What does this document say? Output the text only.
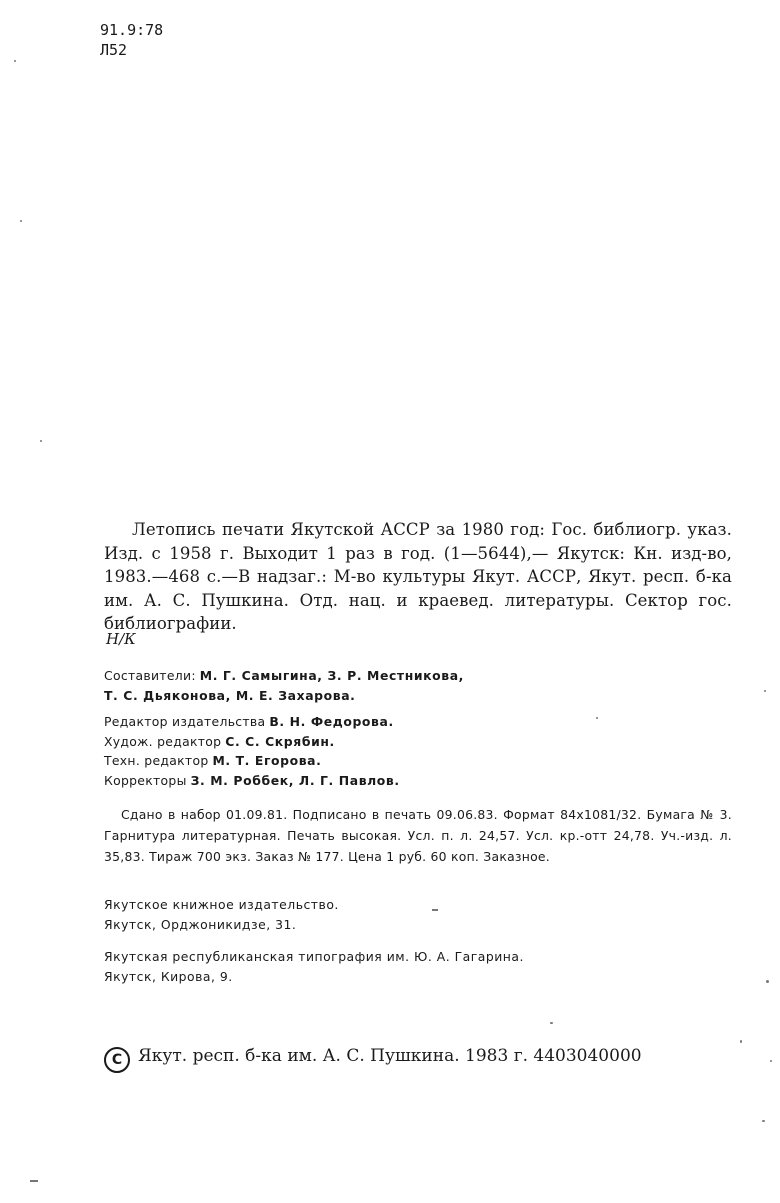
91.9:78
Л52
Летопись печати Якутской АССР за 1980 год: Гос. библиогр. указ. Изд. с 1958 г. Выходит 1 раз в год. (1—5644),— Якутск: Кн. изд-во, 1983.—468 с.—В надзаг.: М-во культуры Якут. АССР, Якут. респ. б-ка им. А. С. Пушкина. Отд. нац. и краевед. литературы. Сектор гос. библиографии.
Н/К
Составители: М. Г. Самыгина, З. Р. Местникова,
Т. С. Дьяконова, М. Е. Захарова.
Редактор издательства В. Н. Федорова.
Худож. редактор С. С. Скрябин.
Техн. редактор М. Т. Егорова.
Корректоры З. М. Роббек, Л. Г. Павлов.
Сдано в набор 01.09.81. Подписано в печать 09.06.83. Формат 84х1081/32. Бумага № 3. Гарнитура литературная. Печать высокая. Усл. п. л. 24,57. Усл. кр.-отт 24,78. Уч.-изд. л. 35,83. Тираж 700 экз. Заказ № 177. Цена 1 руб. 60 коп. Заказное.
Якутское книжное издательство.
Якутск, Орджоникидзе, 31.
Якутская республиканская типография им. Ю. А. Гагарина.
Якутск, Кирова, 9.
C Якут. респ. б-ка им. А. С. Пушкина. 1983 г. 4403040000
